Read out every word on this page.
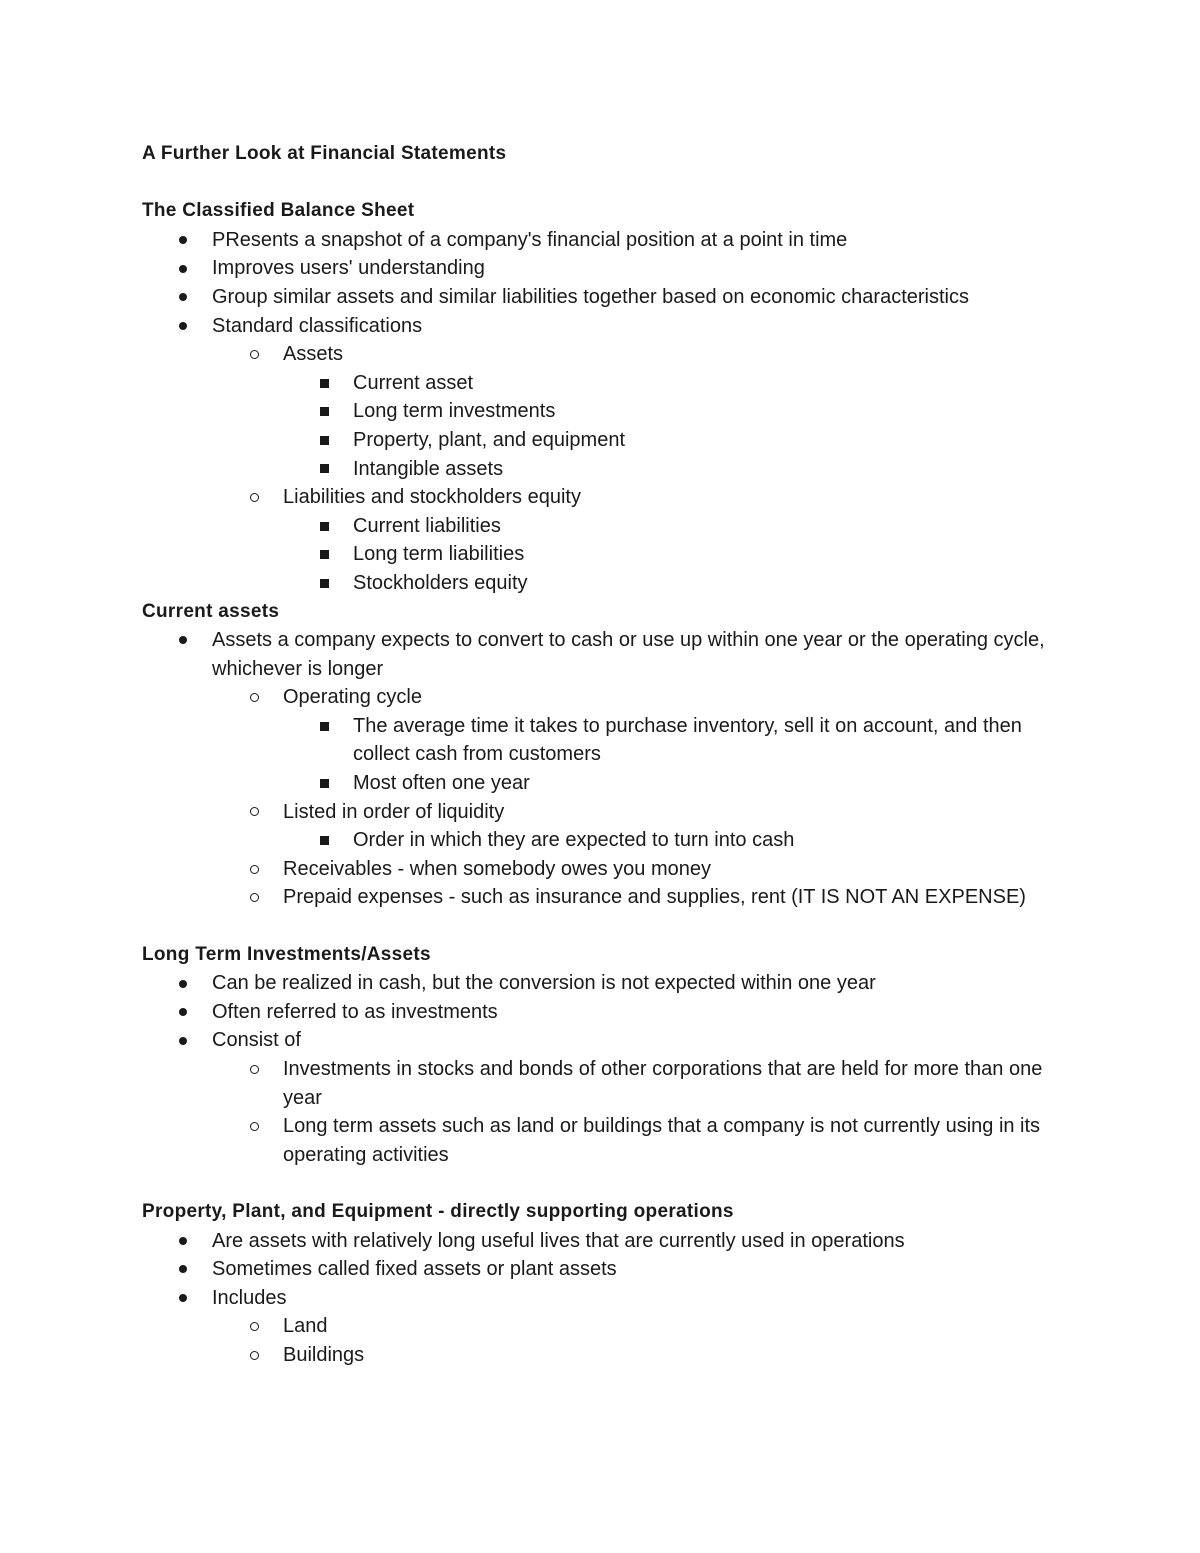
A Further Look at Financial Statements
The Classified Balance Sheet
PResents a snapshot of a company's financial position at a point in time
Improves users' understanding
Group similar assets and similar liabilities together based on economic characteristics
Standard classifications
Assets
Current asset
Long term investments
Property, plant, and equipment
Intangible assets
Liabilities and stockholders equity
Current liabilities
Long term liabilities
Stockholders equity
Current assets
Assets a company expects to convert to cash or use up within one year or the operating cycle, whichever is longer
Operating cycle
The average time it takes to purchase inventory, sell it on account, and then collect cash from customers
Most often one year
Listed in order of liquidity
Order in which they are expected to turn into cash
Receivables - when somebody owes you money
Prepaid expenses - such as insurance and supplies, rent (IT IS NOT AN EXPENSE)
Long Term Investments/Assets
Can be realized in cash, but the conversion is not expected within one year
Often referred to as investments
Consist of
Investments in stocks and bonds of other corporations that are held for more than one year
Long term assets such as land or buildings that a company is not currently using in its operating activities
Property, Plant, and Equipment - directly supporting operations
Are assets with relatively long useful lives that are currently used in operations
Sometimes called fixed assets or plant assets
Includes
Land
Buildings
